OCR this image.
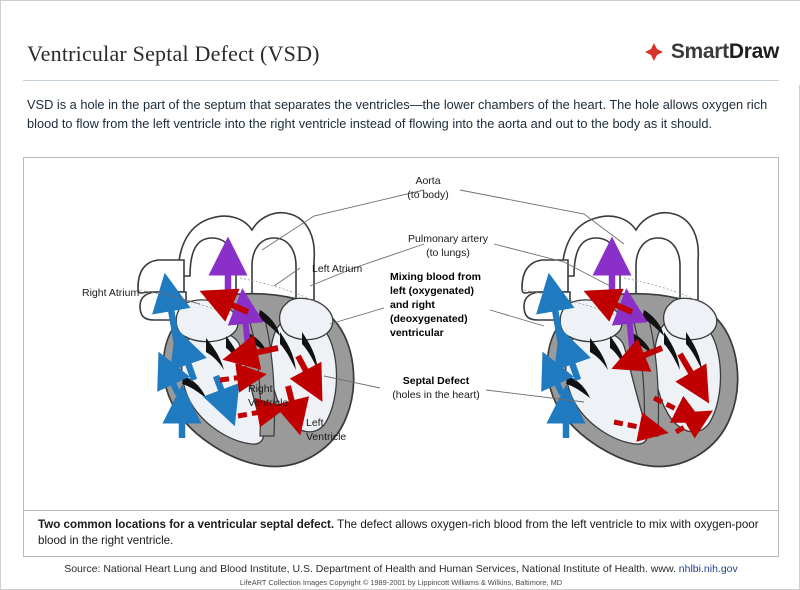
Ventricular Septal Defect (VSD)	SmartDraw
VSD is a hole in the part of the septum that separates the ventricles—the lower chambers of the heart. The hole allows oxygen rich blood to flow from the left ventricle into the right ventricle instead of flowing into the aorta and out to the body as it should.
Aorta
(to body)
Pulmonary artery
(to lungs)
Left Atrium
Right Atrium
Right
Ventricle
Left
Ventricle
Mixing blood from
left (oxygenated)
and right
(deoxygenated)
ventricular
Septal Defect
(holes in the heart)
Two common locations for a ventricular septal defect. The defect allows oxygen-rich blood from the left ventricle to mix with oxygen-poor blood in the right ventricle.
Source: National Heart Lung and Blood Institute, U.S. Department of Health and Human Services, National Institute of Health. www. nhlbi.nih.gov
LifeART Collection Images Copyright © 1989-2001 by Lippincott Williams & Wilkins, Baltimore, MD
